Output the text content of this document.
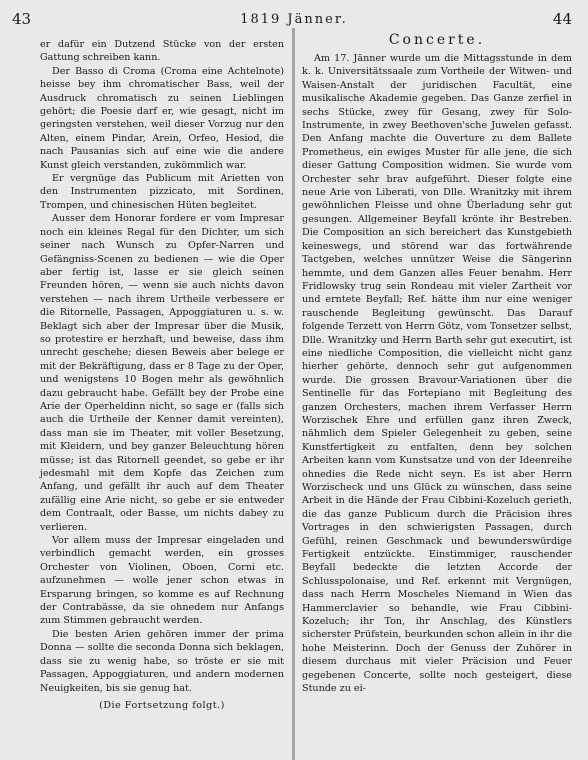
43	1819 Jänner.	44

er dafür ein Dutzend Stücke von der ersten Gattung schreiben kann.

Der Basso di Croma (Croma eine Achtelnote) heisse bey ihm chromatischer Bass, weil der Ausdruck chromatisch zu seinen Lieblingen gehört; die Poesie darf er, wie gesagt, nicht im geringsten verstehen, weil dieser Vorzug nur den Alten, einem Pindar, Arein, Orfeo, Hesiod, die nach Pausanias sich auf eine wie die andere Kunst gleich verstanden, zukömmlich war.

Er vergnüge das Publicum mit Arietten von den Instrumenten pizzicato, mit Sordinen, Trompen, und chinesischen Hüten begleitet.

Ausser dem Honorar fordere er vom Impresar noch ein kleines Regal für den Dichter, um sich seiner nach Wunsch zu Opfer-Narren und Gefängniss-Scenen zu bedienen — wie die Oper aber fertig ist, lasse er sie gleich seinen Freunden hören, — wenn sie auch nichts davon verstehen — nach ihrem Urtheile verbessere er die Ritornelle, Passagen, Appoggiaturen u. s. w. Beklagt sich aber der Impresar über die Musik, so protestire er herzhaft, und beweise, dass ihm unrecht geschehe; diesen Beweis aber belege er mit der Bekräftigung, dass er 8 Tage zu der Oper, und wenigstens 10 Bogen mehr als gewöhnlich dazu gebraucht habe. Gefällt bey der Probe eine Arie der Operheldinn nicht, so sage er (falls sich auch die Urtheile der Kenner damit vereinten), dass man sie im Theater, mit voller Besetzung, mit Kleidern, und bey ganzer Beleuchtung hören müsse; ist das Ritornell geendet, so gebe er ihr jedesmahl mit dem Kopfe das Zeichen zum Anfang, und gefällt ihr auch auf dem Theater zufällig eine Arie nicht, so gebe er sie entweder dem Contraalt, oder Basse, um nichts dabey zu verlieren.

Vor allem muss der Impresar eingeladen und verbindlich gemacht werden, ein grosses Orchester von Violinen, Oboen, Corni etc. aufzunehmen — wolle jener schon etwas in Ersparung bringen, so komme es auf Rechnung der Contrabässe, da sie ohnedem nur Anfangs zum Stimmen gebraucht werden.

Die besten Arien gehören immer der prima Donna — sollte die seconda Donna sich beklagen, dass sie zu wenig habe, so tröste er sie mit Passagen, Appoggiaturen, und andern modernen Neuigkeiten, bis sie genug hat.

(Die Fortsetzung folgt.)
Concerte.

Am 17. Jänner wurde um die Mittagsstunde in dem k. k. Universitätssaale zum Vortheile der Witwen- und Waisen-Anstalt der juridischen Facultät, eine musikalische Akademie gegeben. Das Ganze zerfiel in sechs Stücke, zwey für Gesang, zwey für Solo-Instrumente, in zwey Beethoven'sche Juwelen gefasst. Den Anfang machte die Ouverture zu dem Ballete Prometheus, ein ewiges Muster für alle jene, die sich dieser Gattung Composition widmen. Sie wurde vom Orchester sehr brav aufgeführt. Dieser folgte eine neue Arie von Liberati, von Dlle. Wranitzky mit ihrem gewöhnlichen Fleisse und ohne Überladung sehr gut gesungen. Allgemeiner Beyfall krönte ihr Bestreben. Die Composition an sich bereichert das Kunstgebieth keineswegs, und störend war das fortwährende Tactgeben, welches unnützer Weise die Sängerinn hemmte, und dem Ganzen alles Feuer benahm. Herr Fridlowsky trug sein Rondeau mit vieler Zartheit vor und erntete Beyfall; Ref. hätte ihm nur eine weniger rauschende Begleitung gewünscht. Das Darauf folgende Terzett von Herrn Götz, vom Tonsetzer selbst, Dlle. Wranitzky und Herrn Barth sehr gut executirt, ist eine niedliche Composition, die vielleicht nicht ganz hierher gehörte, dennoch sehr gut aufgenommen wurde. Die grossen Bravour-Variationen über die Sentinelle für das Fortepiano mit Begleitung des ganzen Orchesters, machen ihrem Verfasser Herrn Worzischek Ehre und erfüllen ganz ihren Zweck, nähmlich dem Spieler Gelegenheit zu geben, seine Kunstfertigkeit zu entfalten, denn bey solchen Arbeiten kann vom Kunstsatze und von der Ideenreihe ohnedies die Rede nicht seyn. Es ist aber Herrn Worzischeck und uns Glück zu wünschen, dass seine Arbeit in die Hände der Frau Cibbini-Kozeluch gerieth, die das ganze Publicum durch die Präcision ihres Vortrages in den schwierigsten Passagen, durch Gefühl, reinen Geschmack und bewunderswürdige Fertigkeit entzückte. Einstimmiger, rauschender Beyfall bedeckte die letzten Accorde der Schlusspolonaise, und Ref. erkennt mit Vergnügen, dass nach Herrn Moscheles Niemand in Wien das Hammerclavier so behandle, wie Frau Cibbini-Kozeluch; ihr Ton, ihr Anschlag, des Künstlers sicherster Prüfstein, beurkunden schon allein in ihr die hohe Meisterinn. Doch der Genuss der Zuhörer in diesem durchaus mit vieler Präcision und Feuer gegebenen Concerte, sollte noch gesteigert, diese Stunde zu ei-
